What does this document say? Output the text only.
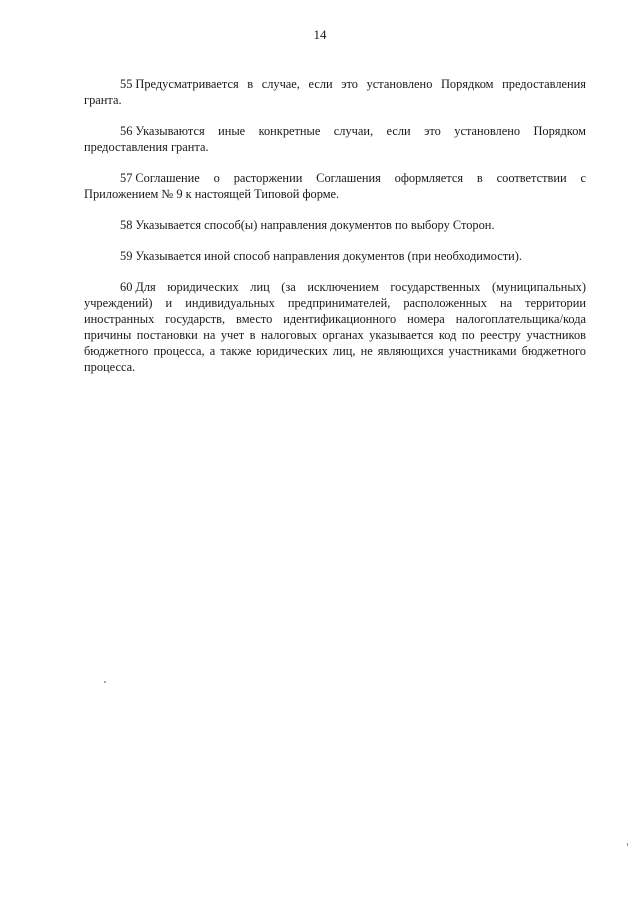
14

55 Предусматривается в случае, если это установлено Порядком предоставления гранта.

56 Указываются иные конкретные случаи, если это установлено Порядком предоставления гранта.

57 Соглашение о расторжении Соглашения оформляется в соответствии с Приложением № 9 к настоящей Типовой форме.

58 Указывается способ(ы) направления документов по выбору Сторон.

59 Указывается иной способ направления документов (при необходимости).

60 Для юридических лиц (за исключением государственных (муниципальных) учреждений) и индивидуальных предпринимателей, расположенных на территории иностранных государств, вместо идентификационного номера налогоплательщика/кода причины постановки на учет в налоговых органах указывается код по реестру участников бюджетного процесса, а также юридических лиц, не являющихся участниками бюджетного процесса.
